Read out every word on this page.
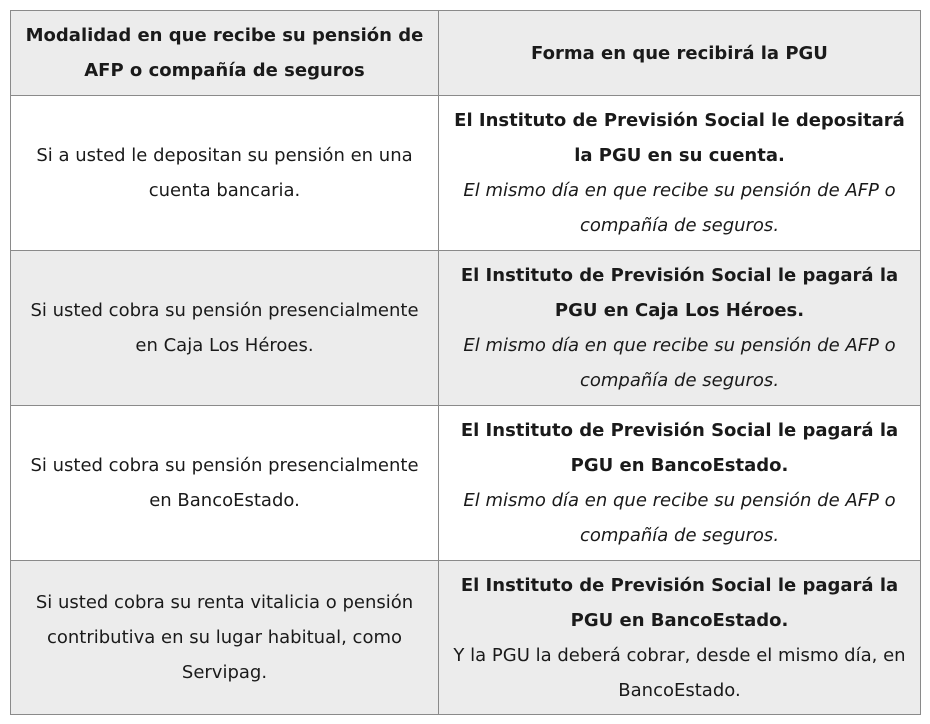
Modalidad en que recibe su pensión de AFP o compañía de seguros	Forma en que recibirá la PGU
Si a usted le depositan su pensión en una cuenta bancaria.	El Instituto de Previsión Social le depositará la PGU en su cuenta.
El mismo día en que recibe su pensión de AFP o compañía de seguros.

Si usted cobra su pensión presencialmente en Caja Los Héroes.	El Instituto de Previsión Social le pagará la PGU en Caja Los Héroes.
El mismo día en que recibe su pensión de AFP o compañía de seguros.

Si usted cobra su pensión presencialmente en BancoEstado.	El Instituto de Previsión Social le pagará la PGU en BancoEstado.
El mismo día en que recibe su pensión de AFP o compañía de seguros.

Si usted cobra su renta vitalicia o pensión contributiva en su lugar habitual, como Servipag.	El Instituto de Previsión Social le pagará la PGU en BancoEstado.
Y la PGU la deberá cobrar, desde el mismo día, en BancoEstado.
